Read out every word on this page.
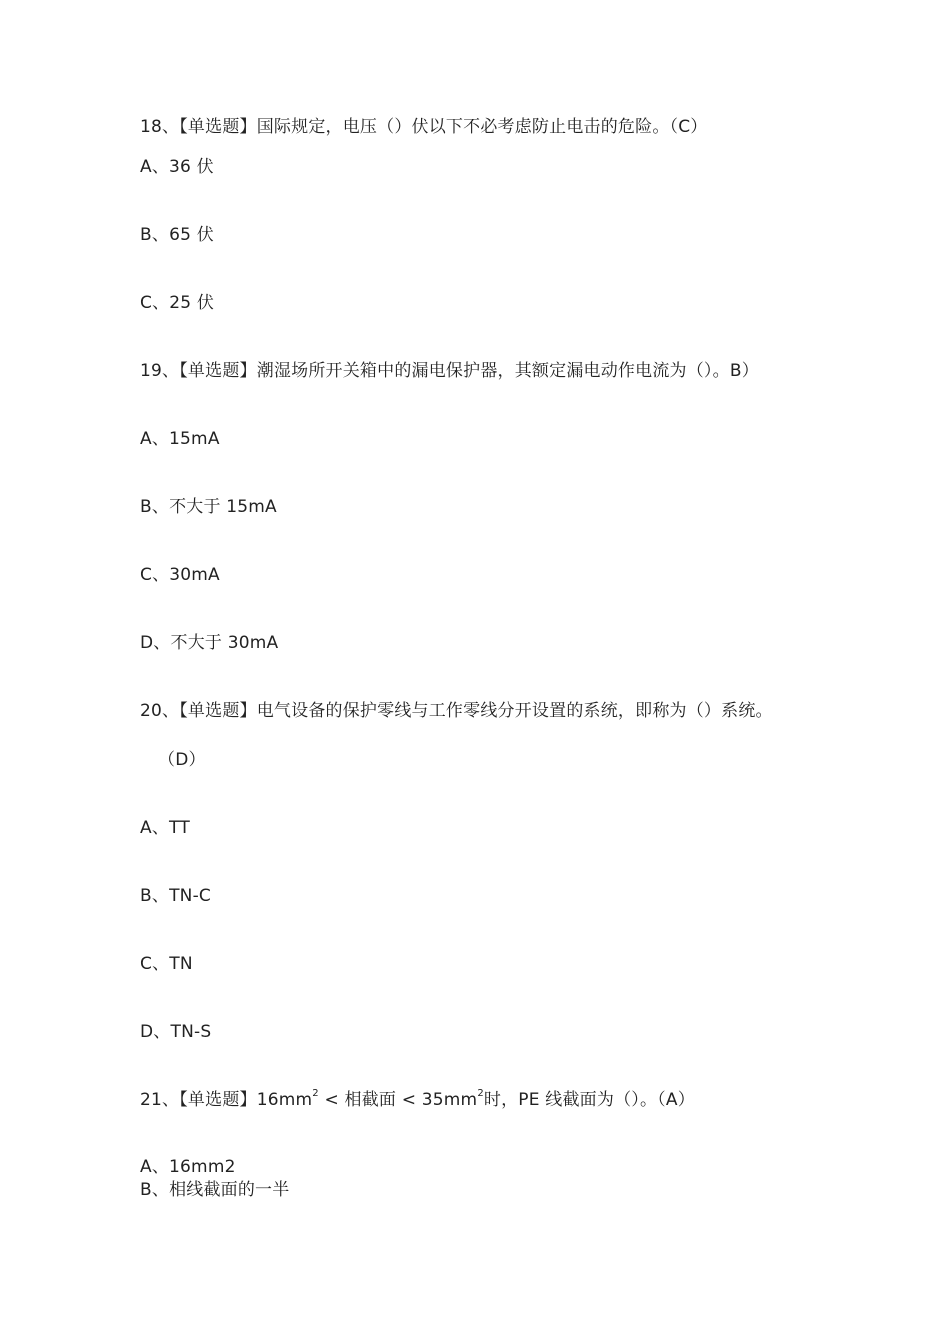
18、【单选题】国际规定，电压（）伏以下不必考虑防止电击的危险。（C）
A、36 伏
B、65 伏
C、25 伏
19、【单选题】潮湿场所开关箱中的漏电保护器，其额定漏电动作电流为（）。B）
A、15mA
B、不大于 15mA
C、30mA
D、不大于 30mA
20、【单选题】电气设备的保护零线与工作零线分开设置的系统，即称为（）系统。
（D）
A、TT
B、TN-C
C、TN
D、TN-S
21、【单选题】$16mm^2$ < 相截面 < $35mm^2$时，PE 线截面为（）。（A）
A、16mm2
B、相线截面的一半
